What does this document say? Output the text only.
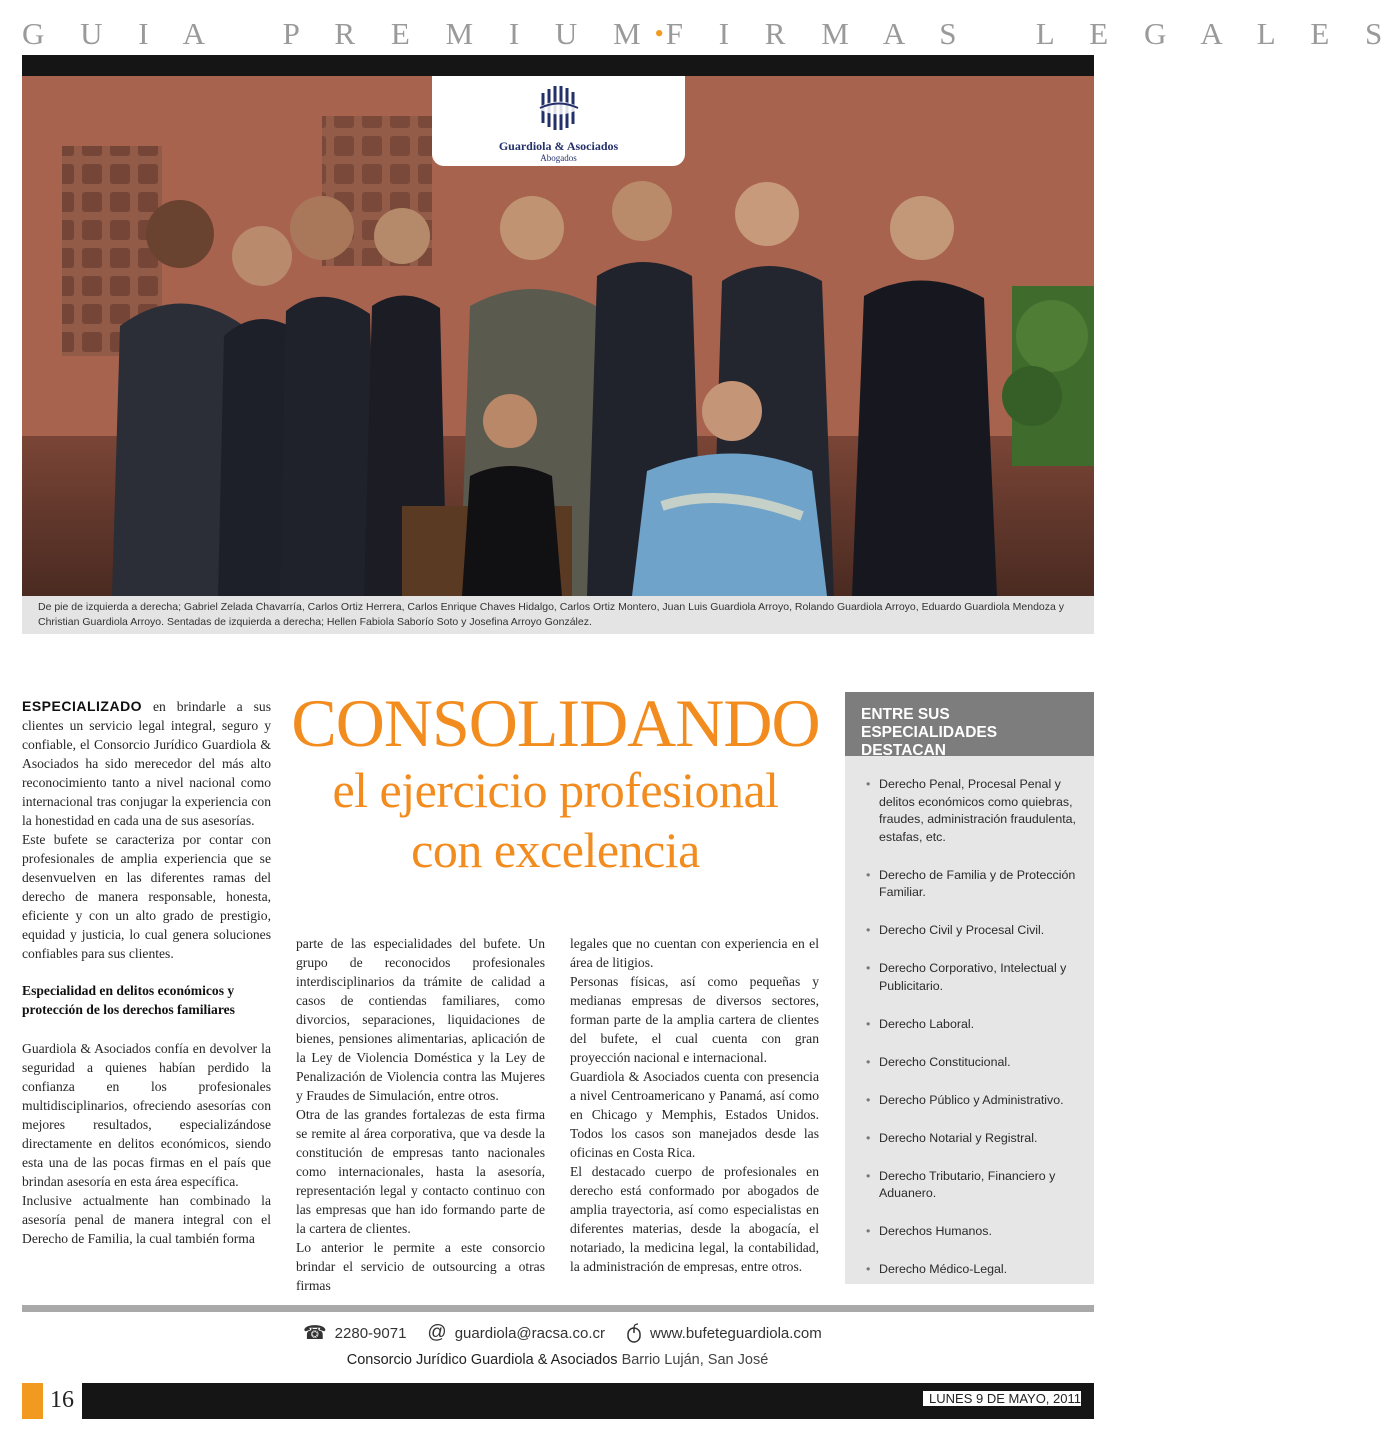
G U I A   P R E M I U M • F I R M A S   L E G A L E S
Guardiola & Asociados
Abogados
De pie de izquierda a derecha; Gabriel Zelada Chavarría, Carlos Ortiz Herrera, Carlos Enrique Chaves Hidalgo, Carlos Ortiz Montero, Juan Luis Guardiola Arroyo, Rolando Guardiola Arroyo, Eduardo Guardiola Mendoza y Christian Guardiola Arroyo. Sentadas de izquierda a derecha; Hellen Fabiola Saborío Soto y Josefina Arroyo González.

ESPECIALIZADO en brindarle a sus clientes un servicio legal integral, seguro y confiable, el Consorcio Jurídico Guardiola & Asociados ha sido merecedor del más alto reconocimiento tanto a nivel nacional como internacional tras conjugar la experiencia con la honestidad en cada una de sus asesorías.

Este bufete se caracteriza por contar con profesionales de amplia experiencia que se desenvuelven en las diferentes ramas del derecho de manera responsable, honesta, eficiente y con un alto grado de prestigio, equidad y justicia, lo cual genera soluciones confiables para sus clientes.

Especialidad en delitos económicos y protección de los derechos familiares

Guardiola & Asociados confía en devolver la seguridad a quienes habían perdido la confianza en los profesionales multidisciplinarios, ofreciendo asesorías con mejores resultados, especializándose directamente en delitos económicos, siendo esta una de las pocas firmas en el país que brindan asesoría en esta área específica.

Inclusive actualmente han combinado la asesoría penal de manera integral con el Derecho de Familia, la cual también forma

CONSOLIDANDO
el ejercicio profesional
con excelencia

parte de las especialidades del bufete. Un grupo de reconocidos profesionales interdisciplinarios da trámite de calidad a casos de contiendas familiares, como divorcios, separaciones, liquidaciones de bienes, pensiones alimentarias, aplicación de la Ley de Violencia Doméstica y la Ley de Penalización de Violencia contra las Mujeres y Fraudes de Simulación, entre otros.

Otra de las grandes fortalezas de esta firma se remite al área corporativa, que va desde la constitución de empresas tanto nacionales como internacionales, hasta la asesoría, representación legal y contacto continuo con las empresas que han ido formando parte de la cartera de clientes.

Lo anterior le permite a este consorcio brindar el servicio de outsourcing a otras firmas

legales que no cuentan con experiencia en el área de litigios.

Personas físicas, así como pequeñas y medianas empresas de diversos sectores, forman parte de la amplia cartera de clientes del bufete, el cual cuenta con gran proyección nacional e internacional.

Guardiola & Asociados cuenta con presencia a nivel Centroamericano y Panamá, así como en Chicago y Memphis, Estados Unidos. Todos los casos son manejados desde las oficinas en Costa Rica.

El destacado cuerpo de profesionales en derecho está conformado por abogados de amplia trayectoria, así como especialistas en diferentes materias, desde la abogacía, el notariado, la medicina legal, la contabilidad, la administración de empresas, entre otros.

ENTRE SUS ESPECIALIDADES DESTACAN
• Derecho Penal, Procesal Penal y delitos económicos como quiebras, fraudes, administración fraudulenta, estafas, etc.
• Derecho de Familia y de Protección Familiar.
• Derecho Civil y Procesal Civil.
• Derecho Corporativo, Intelectual y Publicitario.
• Derecho Laboral.
• Derecho Constitucional.
• Derecho Público y Administrativo.
• Derecho Notarial y Registral.
• Derecho Tributario, Financiero y Aduanero.
• Derechos Humanos.
• Derecho Médico-Legal.
☎ 2280-9071 @ guardiola@racsa.co.cr	www.bufeteguardiola.com
Consorcio Jurídico Guardiola & Asociados Barrio Luján, San José
16	LUNES 9 DE MAYO, 2011
